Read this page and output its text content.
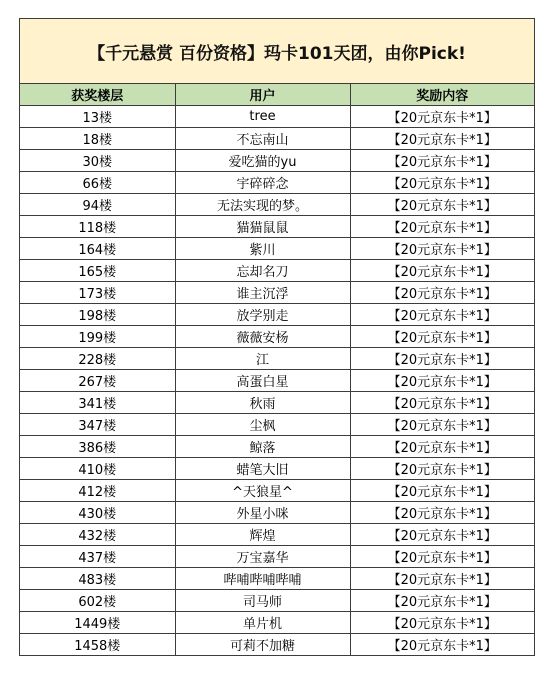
【千元悬赏 百份资格】玛卡101天团，由你Pick!
获奖楼层	用户	奖励内容
13楼	tree	【20元京东卡*1】
18楼	不忘南山	【20元京东卡*1】
30楼	爱吃猫的yu	【20元京东卡*1】
66楼	宇碎碎念	【20元京东卡*1】
94楼	无法实现的梦。	【20元京东卡*1】
118楼	猫猫鼠鼠	【20元京东卡*1】
164楼	紫川	【20元京东卡*1】
165楼	忘却名刀	【20元京东卡*1】
173楼	谁主沉浮	【20元京东卡*1】
198楼	放学别走	【20元京东卡*1】
199楼	薇薇安杨	【20元京东卡*1】
228楼	江	【20元京东卡*1】
267楼	高蛋白星	【20元京东卡*1】
341楼	秋雨	【20元京东卡*1】
347楼	尘枫	【20元京东卡*1】
386楼	鲸落	【20元京东卡*1】
410楼	蜡笔大旧	【20元京东卡*1】
412楼	^天狼星^	【20元京东卡*1】
430楼	外星小咪	【20元京东卡*1】
432楼	辉煌	【20元京东卡*1】
437楼	万宝嘉华	【20元京东卡*1】
483楼	哔哺哔哺哔哺	【20元京东卡*1】
602楼	司马师	【20元京东卡*1】
1449楼	单片机	【20元京东卡*1】
1458楼	可莉不加糖	【20元京东卡*1】
